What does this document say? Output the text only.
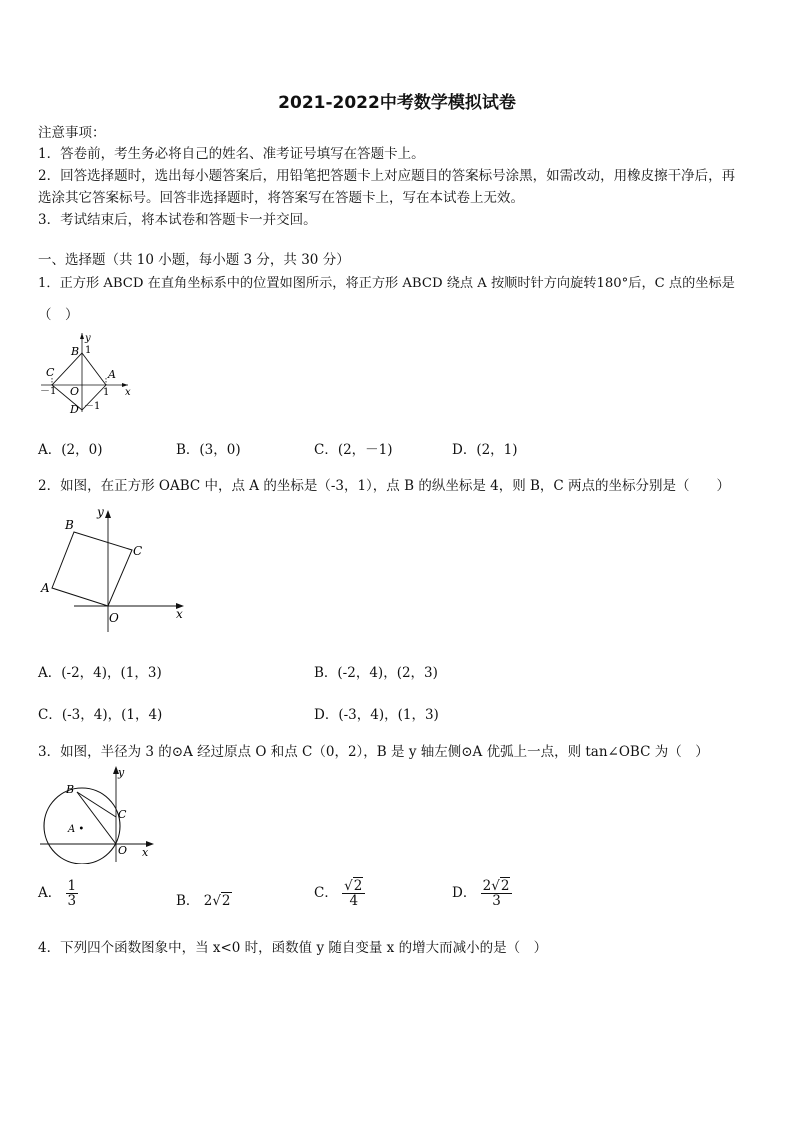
2021-2022中考数学模拟试卷
注意事项：
1．答卷前，考生务必将自己的姓名、准考证号填写在答题卡上。
2．回答选择题时，选出每小题答案后，用铅笔把答题卡上对应题目的答案标号涂黑，如需改动，用橡皮擦干净后，再
选涂其它答案标号。回答非选择题时，将答案写在答题卡上，写在本试卷上无效。
3．考试结束后，将本试卷和答题卡一并交回。
一、选择题（共 10 小题，每小题 3 分，共 30 分）
1．正方形 ABCD 在直角坐标系中的位置如图所示，将正方形 ABCD 绕点 A 按顺时针方向旋转180°后，C 点的坐标是
（　）
B 1
y
C	A
－1 O 1 x
D －1
A．(2，0)	B．(3，0)	C．(2，－1)	D．(2，1)
2．如图，在正方形 OABC 中，点 A 的坐标是（-3，1），点 B 的纵坐标是 4，则 B，C 两点的坐标分别是（　　）
B
y
C
A
O	x
A．(-2，4)，(1，3)	B．(-2，4)，(2，3)
C．(-3，4)，(1，4)	D．(-3，4)，(1，3)
3．如图，半径为 3 的⊙A 经过原点 O 和点 C（0，2），B 是 y 轴左侧⊙A 优弧上一点，则 tan∠OBC 为（　）
y
B
C
A •
O x
A． $\frac{1}{3}$	B． 2√2	C． $\frac{√2}{4}$	D． $\frac{2√2}{3}$
4．下列四个函数图象中，当 x<0 时，函数值 y 随自变量 x 的增大而减小的是（　）
